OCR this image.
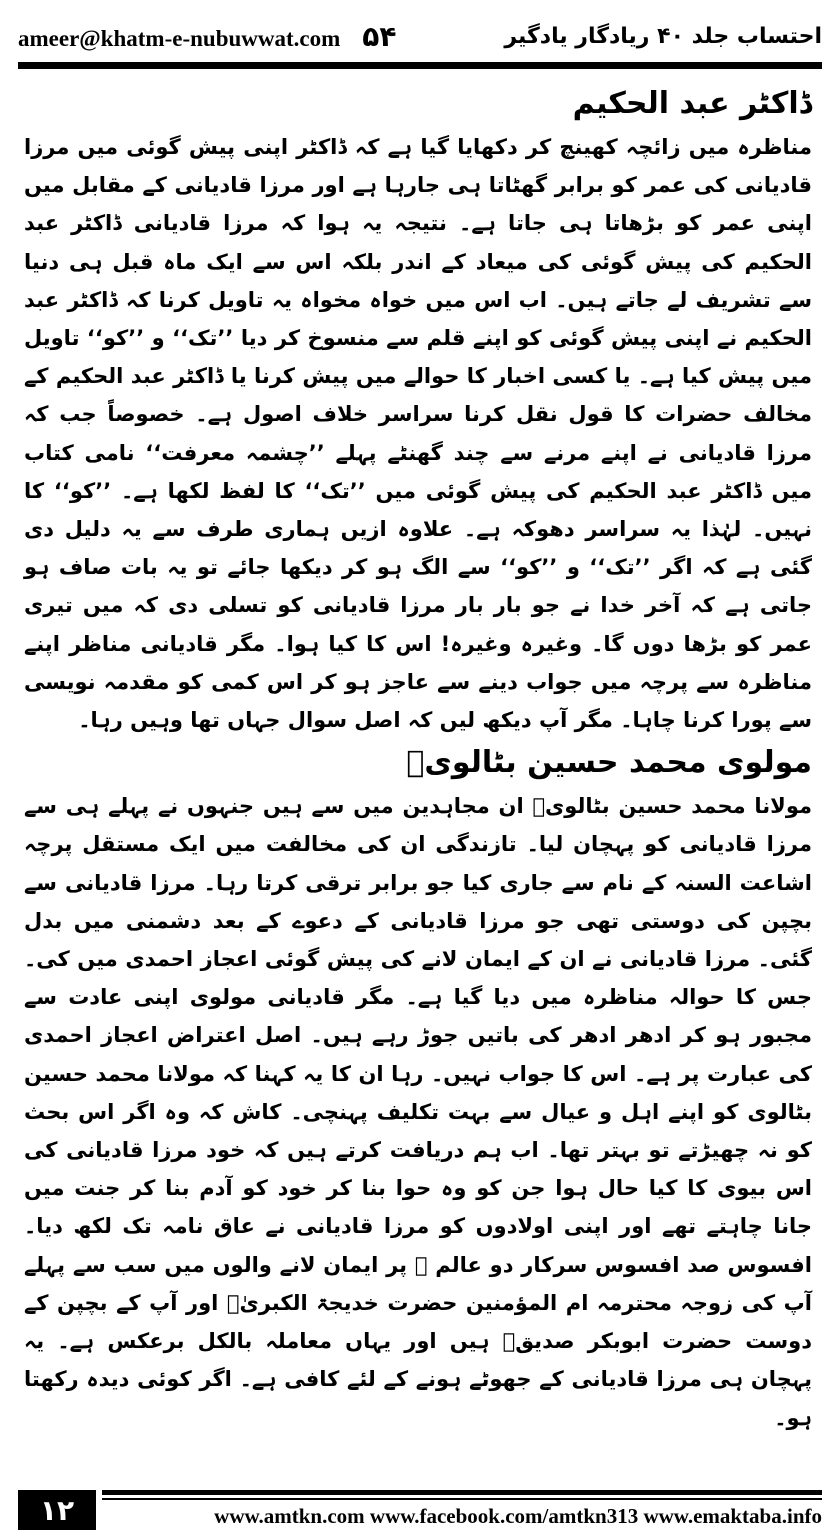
ameer@khatm-e-nubuwwat.com ۵۴	احتساب جلد ۴۰ ریادگار یادگیر
ڈاکٹر عبد الحکیم

مناظرہ میں زائچہ کھینچ کر دکھایا گیا ہے کہ ڈاکٹر اپنی پیش گوئی میں مرزا قادیانی کی عمر کو برابر گھٹاتا ہی جارہا ہے اور مرزا قادیانی کے مقابل میں اپنی عمر کو بڑھاتا ہی جاتا ہے۔ نتیجہ یہ ہوا کہ مرزا قادیانی ڈاکٹر عبد الحکیم کی پیش گوئی کی میعاد کے اندر بلکہ اس سے ایک ماہ قبل ہی دنیا سے تشریف لے جاتے ہیں۔ اب اس میں خواہ مخواہ یہ تاویل کرنا کہ ڈاکٹر عبد الحکیم نے اپنی پیش گوئی کو اپنے قلم سے منسوخ کر دیا ’’تک‘‘ و ’’کو‘‘ تاویل میں پیش کیا ہے۔ یا کسی اخبار کا حوالے میں پیش کرنا یا ڈاکٹر عبد الحکیم کے مخالف حضرات کا قول نقل کرنا سراسر خلاف اصول ہے۔ خصوصاً جب کہ مرزا قادیانی نے اپنے مرنے سے چند گھنٹے پہلے ’’چشمہ معرفت‘‘ نامی کتاب میں ڈاکٹر عبد الحکیم کی پیش گوئی میں ’’تک‘‘ کا لفظ لکھا ہے۔ ’’کو‘‘ کا نہیں۔ لہٰذا یہ سراسر دھوکہ ہے۔ علاوہ ازیں ہماری طرف سے یہ دلیل دی گئی ہے کہ اگر ’’تک‘‘ و ’’کو‘‘ سے الگ ہو کر دیکھا جائے تو یہ بات صاف ہو جاتی ہے کہ آخر خدا نے جو بار بار مرزا قادیانی کو تسلی دی کہ میں تیری عمر کو بڑھا دوں گا۔ وغیرہ وغیرہ! اس کا کیا ہوا۔ مگر قادیانی مناظر اپنے مناظرہ سے پرچہ میں جواب دینے سے عاجز ہو کر اس کمی کو مقدمہ نویسی سے پورا کرنا چاہا۔ مگر آپ دیکھ لیں کہ اصل سوال جہاں تھا وہیں رہا۔

مولوی محمد حسین بٹالویؒ

مولانا محمد حسین بٹالویؒ ان مجاہدین میں سے ہیں جنہوں نے پہلے ہی سے مرزا قادیانی کو پہچان لیا۔ تازندگی ان کی مخالفت میں ایک مستقل پرچہ اشاعت السنہ کے نام سے جاری کیا جو برابر ترقی کرتا رہا۔ مرزا قادیانی سے بچپن کی دوستی تھی جو مرزا قادیانی کے دعوے کے بعد دشمنی میں بدل گئی۔ مرزا قادیانی نے ان کے ایمان لانے کی پیش گوئی اعجاز احمدی میں کی۔ جس کا حوالہ مناظرہ میں دیا گیا ہے۔ مگر قادیانی مولوی اپنی عادت سے مجبور ہو کر ادھر ادھر کی باتیں جوڑ رہے ہیں۔ اصل اعتراض اعجاز احمدی کی عبارت پر ہے۔ اس کا جواب نہیں۔ رہا ان کا یہ کہنا کہ مولانا محمد حسین بٹالوی کو اپنے اہل و عیال سے بہت تکلیف پہنچی۔ کاش کہ وہ اگر اس بحث کو نہ چھیڑتے تو بہتر تھا۔ اب ہم دریافت کرتے ہیں کہ خود مرزا قادیانی کی اس بیوی کا کیا حال ہوا جن کو وہ حوا بنا کر خود کو آدم بنا کر جنت میں جانا چاہتے تھے اور اپنی اولادوں کو مرزا قادیانی نے عاق نامہ تک لکھ دیا۔ افسوس صد افسوس سرکار دو عالم ﷺ پر ایمان لانے والوں میں سب سے پہلے آپ کی زوجہ محترمہ ام المؤمنین حضرت خدیجۃ الکبریٰؓ اور آپ کے بچپن کے دوست حضرت ابوبکر صدیقؓ ہیں اور یہاں معاملہ بالکل برعکس ہے۔ یہ پہچان ہی مرزا قادیانی کے جھوٹے ہونے کے لئے کافی ہے۔ اگر کوئی دیدہ رکھتا ہو۔

۱۲	www.amtkn.com www.facebook.com/amtkn313 www.emaktaba.info
